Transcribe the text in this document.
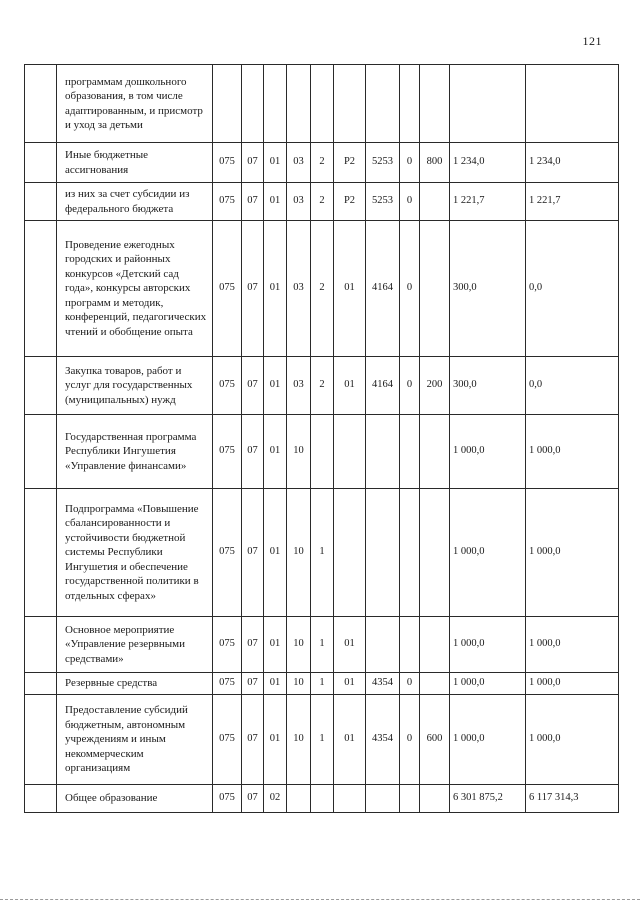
121
	программам дошкольного образования, в том числе адаптированным, и присмотр и уход за детьми											
	Иные бюджетные ассигнования	075	07	01	03	2	P2	5253	0	800	1 234,0	1 234,0
	из них за счет субсидии из федерального бюджета	075	07	01	03	2	P2	5253	0		1 221,7	1 221,7
	Проведение ежегодных городских и районных конкурсов «Детский сад года», конкурсы авторских программ и методик, конференций, педагогических чтений и обобщение опыта	075	07	01	03	2	01	4164	0		300,0	0,0
	Закупка товаров, работ и услуг для государственных (муниципальных) нужд	075	07	01	03	2	01	4164	0	200	300,0	0,0
	Государственная программа Республики Ингушетия «Управление финансами»	075	07	01	10						1 000,0	1 000,0
	Подпрограмма «Повышение сбалансированности и устойчивости бюджетной системы Республики Ингушетия и обеспечение государственной политики в отдельных сферах»	075	07	01	10	1					1 000,0	1 000,0
	Основное мероприятие «Управление резервными средствами»	075	07	01	10	1	01				1 000,0	1 000,0
	Резервные средства	075	07	01	10	1	01	4354	0		1 000,0	1 000,0
	Предоставление субсидий бюджетным, автономным учреждениям и иным некоммерческим организациям	075	07	01	10	1	01	4354	0	600	1 000,0	1 000,0
	Общее образование	075	07	02							6 301 875,2	6 117 314,3
